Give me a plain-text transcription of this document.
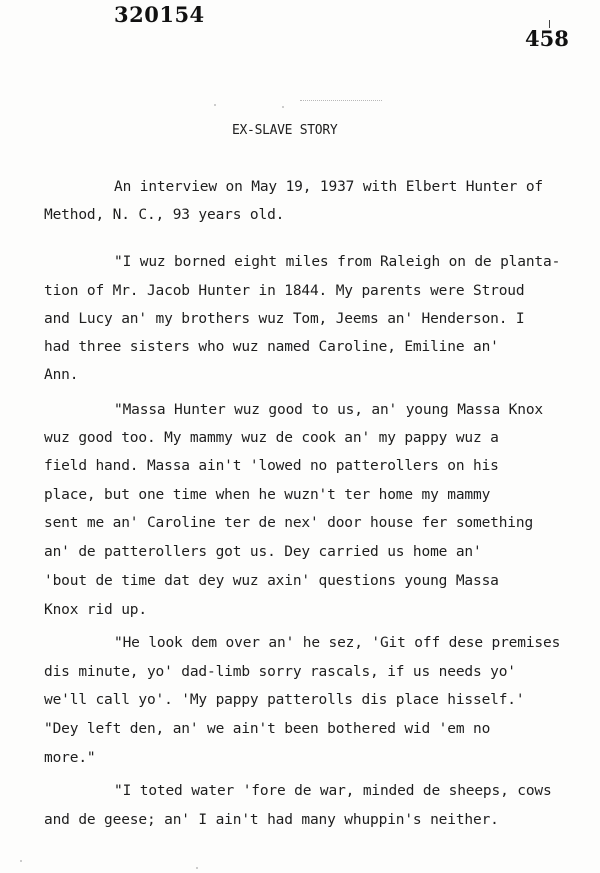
320154
458
EX-SLAVE STORY
An interview on May 19, 1937 with Elbert Hunter of
Method, N. C., 93 years old.
"I wuz borned eight miles from Raleigh on de planta-
tion of Mr. Jacob Hunter in 1844. My parents were Stroud
and Lucy an' my brothers wuz Tom, Jeems an' Henderson. I
had three sisters who wuz named Caroline, Emiline an'
Ann.
"Massa Hunter wuz good to us, an' young Massa Knox
wuz good too. My mammy wuz de cook an' my pappy wuz a
field hand. Massa ain't 'lowed no patterollers on his
place, but one time when he wuzn't ter home my mammy
sent me an' Caroline ter de nex' door house fer something
an' de patterollers got us. Dey carried us home an'
'bout de time dat dey wuz axin' questions young Massa
Knox rid up.
"He look dem over an' he sez, 'Git off dese premises
dis minute, yo' dad-limb sorry rascals, if us needs yo'
we'll call yo'. 'My pappy patterolls dis place hisself.'
"Dey left den, an' we ain't been bothered wid 'em no
more."
"I toted water 'fore de war, minded de sheeps, cows
and de geese; an' I ain't had many whuppin's neither.
